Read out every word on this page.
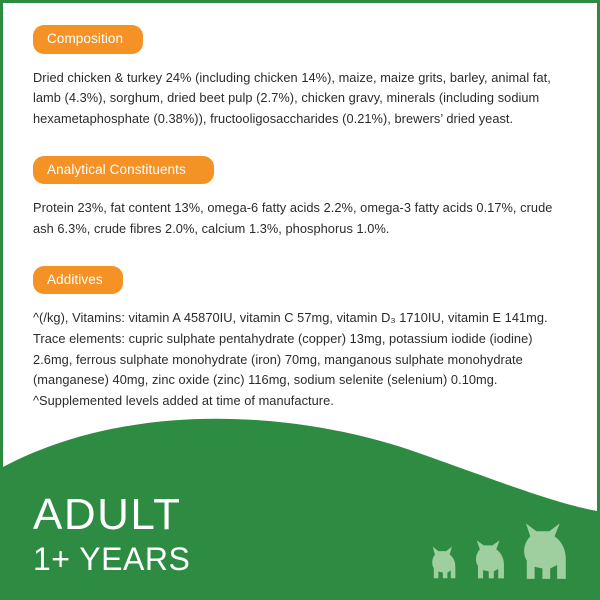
Composition

Dried chicken & turkey 24% (including chicken 14%), maize, maize grits, barley, animal fat, lamb (4.3%), sorghum, dried beet pulp (2.7%), chicken gravy, minerals (including sodium hexametaphosphate (0.38%)), fructooligosaccharides (0.21%), brewers’ dried yeast.

Analytical Constituents

Protein 23%, fat content 13%, omega-6 fatty acids 2.2%, omega-3 fatty acids 0.17%, crude ash 6.3%, crude fibres 2.0%, calcium 1.3%, phosphorus 1.0%.

Additives

^(/kg), Vitamins: vitamin A 45870IU, vitamin C 57mg, vitamin D₃ 1710IU, vitamin E 141mg.

Trace elements: cupric sulphate pentahydrate (copper) 13mg, potassium iodide (iodine) 2.6mg, ferrous sulphate monohydrate (iron) 70mg, manganous sulphate monohydrate (manganese) 40mg, zinc oxide (zinc) 116mg, sodium selenite (selenium) 0.10mg.

^Supplemented levels added at time of manufacture.

ADULT
1+ YEARS
